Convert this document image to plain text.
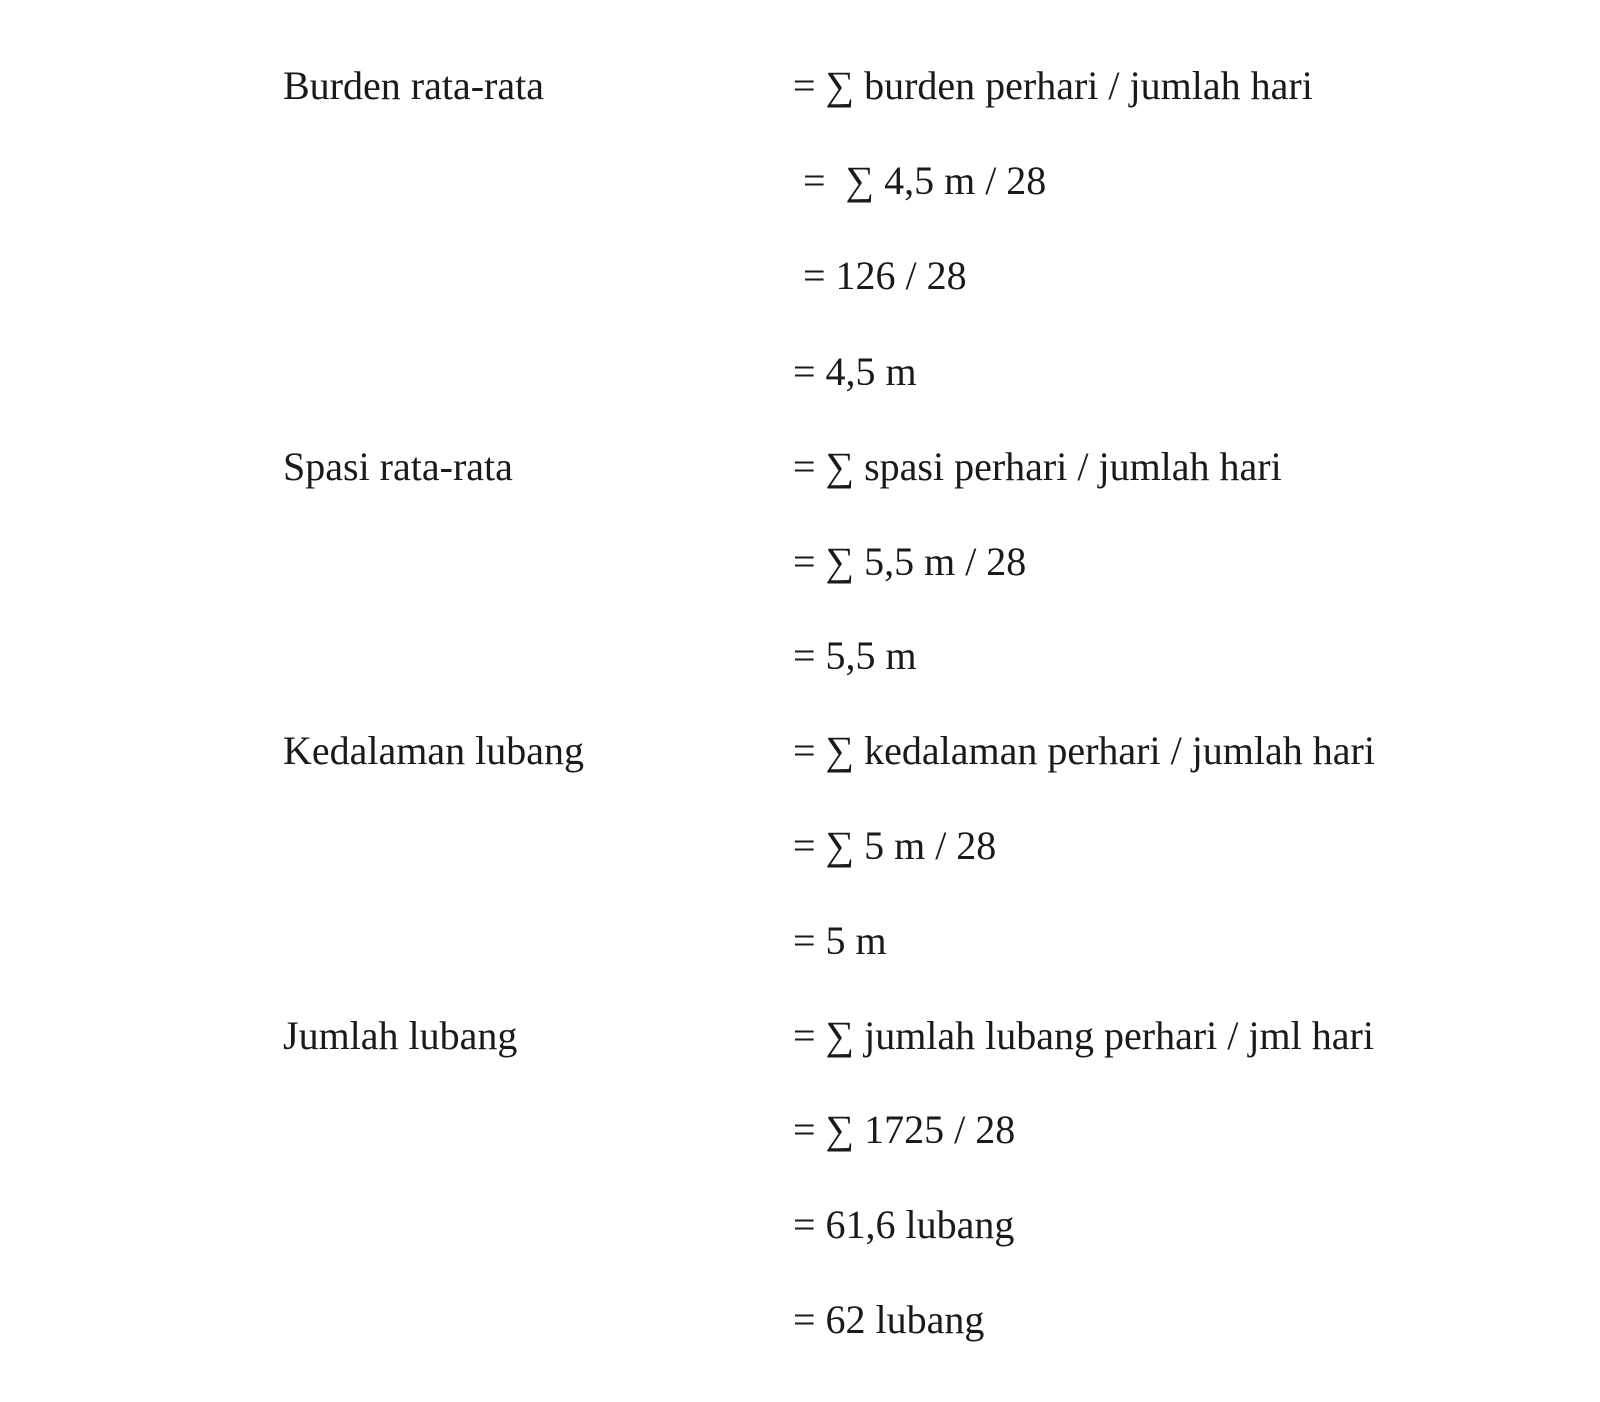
Burden rata-rata	= ∑ burden perhari / jumlah hari
=  ∑ 4,5 m / 28
= 126 / 28
= 4,5 m
Spasi rata-rata	= ∑ spasi perhari / jumlah hari
= ∑ 5,5 m / 28
= 5,5 m
Kedalaman lubang	= ∑ kedalaman perhari / jumlah hari
= ∑ 5 m / 28
= 5 m
Jumlah lubang	= ∑ jumlah lubang perhari / jml hari
= ∑ 1725 / 28
= 61,6 lubang
= 62 lubang
